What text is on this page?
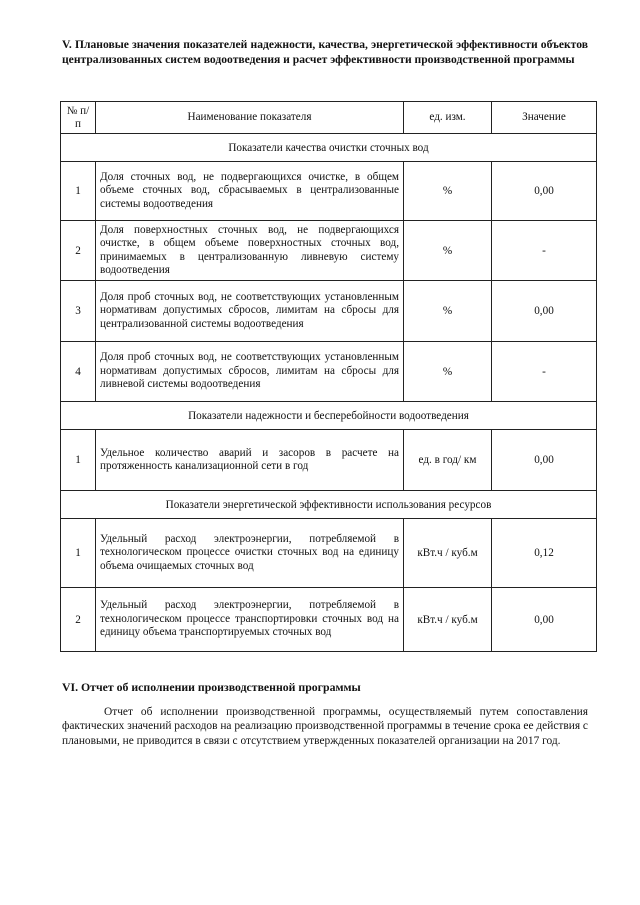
V. Плановые значения показателей надежности, качества, энергетической эффективности объектов централизованных систем водоотведения и расчет эффективности производственной программы
№ п/п	Наименование показателя	ед. изм.	Значение
Показатели качества очистки сточных вод			
1	Доля сточных вод, не подвергающихся очистке, в общем объеме сточных вод, сбрасываемых в централизованные системы водоотведения	%	0,00
2	Доля поверхностных сточных вод, не подвергающихся очистке, в общем объеме поверхностных сточных вод, принимаемых в централизованную ливневую систему водоотведения	%	-
3	Доля проб сточных вод, не соответствующих установленным нормативам допустимых сбросов, лимитам на сбросы для централизованной системы водоотведения	%	0,00
4	Доля проб сточных вод, не соответствующих установленным нормативам допустимых сбросов, лимитам на сбросы для ливневой системы водоотведения	%	-
Показатели надежности и бесперебойности водоотведения			
1	Удельное количество аварий и засоров в расчете на протяженность канализационной сети в год	ед. в год/ км	0,00
Показатели энергетической эффективности использования ресурсов			
1	Удельный расход электроэнергии, потребляемой в технологическом процессе очистки сточных вод на единицу объема очищаемых сточных вод	кВт.ч / куб.м	0,12
2	Удельный расход электроэнергии, потребляемой в технологическом процессе транспортировки сточных вод на единицу объема транспортируемых сточных вод	кВт.ч / куб.м	0,00
VI. Отчет об исполнении производственной программы
Отчет об исполнении производственной программы, осуществляемый путем сопоставления фактических значений расходов на реализацию производственной программы в течение срока ее действия с плановыми, не приводится в связи с отсутствием утвержденных показателей организации на 2017 год.
